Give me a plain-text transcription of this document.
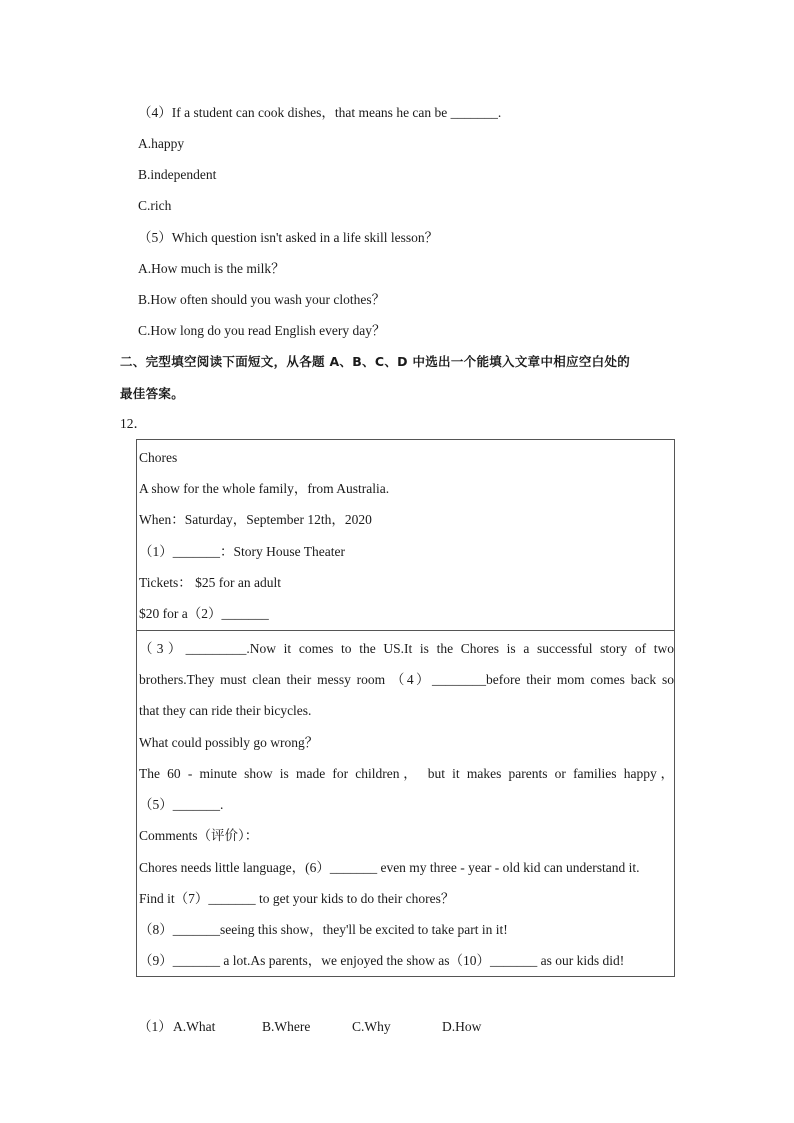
（4）If a student can cook dishes，that means he can be _______.
A.happy
B.independent
C.rich
（5）Which question isn't asked in a life skill lesson？
A.How much is the milk？
B.How often should you wash your clothes？
C.How long do you read English every day？
二、完型填空阅读下面短文，从各题 A、B、C、D 中选出一个能填入文章中相应空白处的
最佳答案。
12．
Chores
A show for the whole family，from Australia.
When：Saturday，September 12th，2020
（1）_______：Story House Theater
Tickets： $25 for an adult
$20 for a（2）_______
（3）_________.Now it comes to the US.It is the Chores is a successful story of two
brothers.They must clean their messy room （4）________before their mom comes back so
that they can ride their bicycles.
What could possibly go wrong？
The 60 - minute show is made for children， but it makes parents or families happy，
（5）_______.
Comments（评价）：
Chores needs little language，(6）_______ even my three - year - old kid can understand it.
Find it（7）_______ to get your kids to do their chores？
（8）_______seeing this show，they'll be excited to take part in it!
（9）_______ a lot.As parents，we enjoyed the show as（10）_______ as our kids did!
（1） A.What	B.Where	C.Why	D.How
